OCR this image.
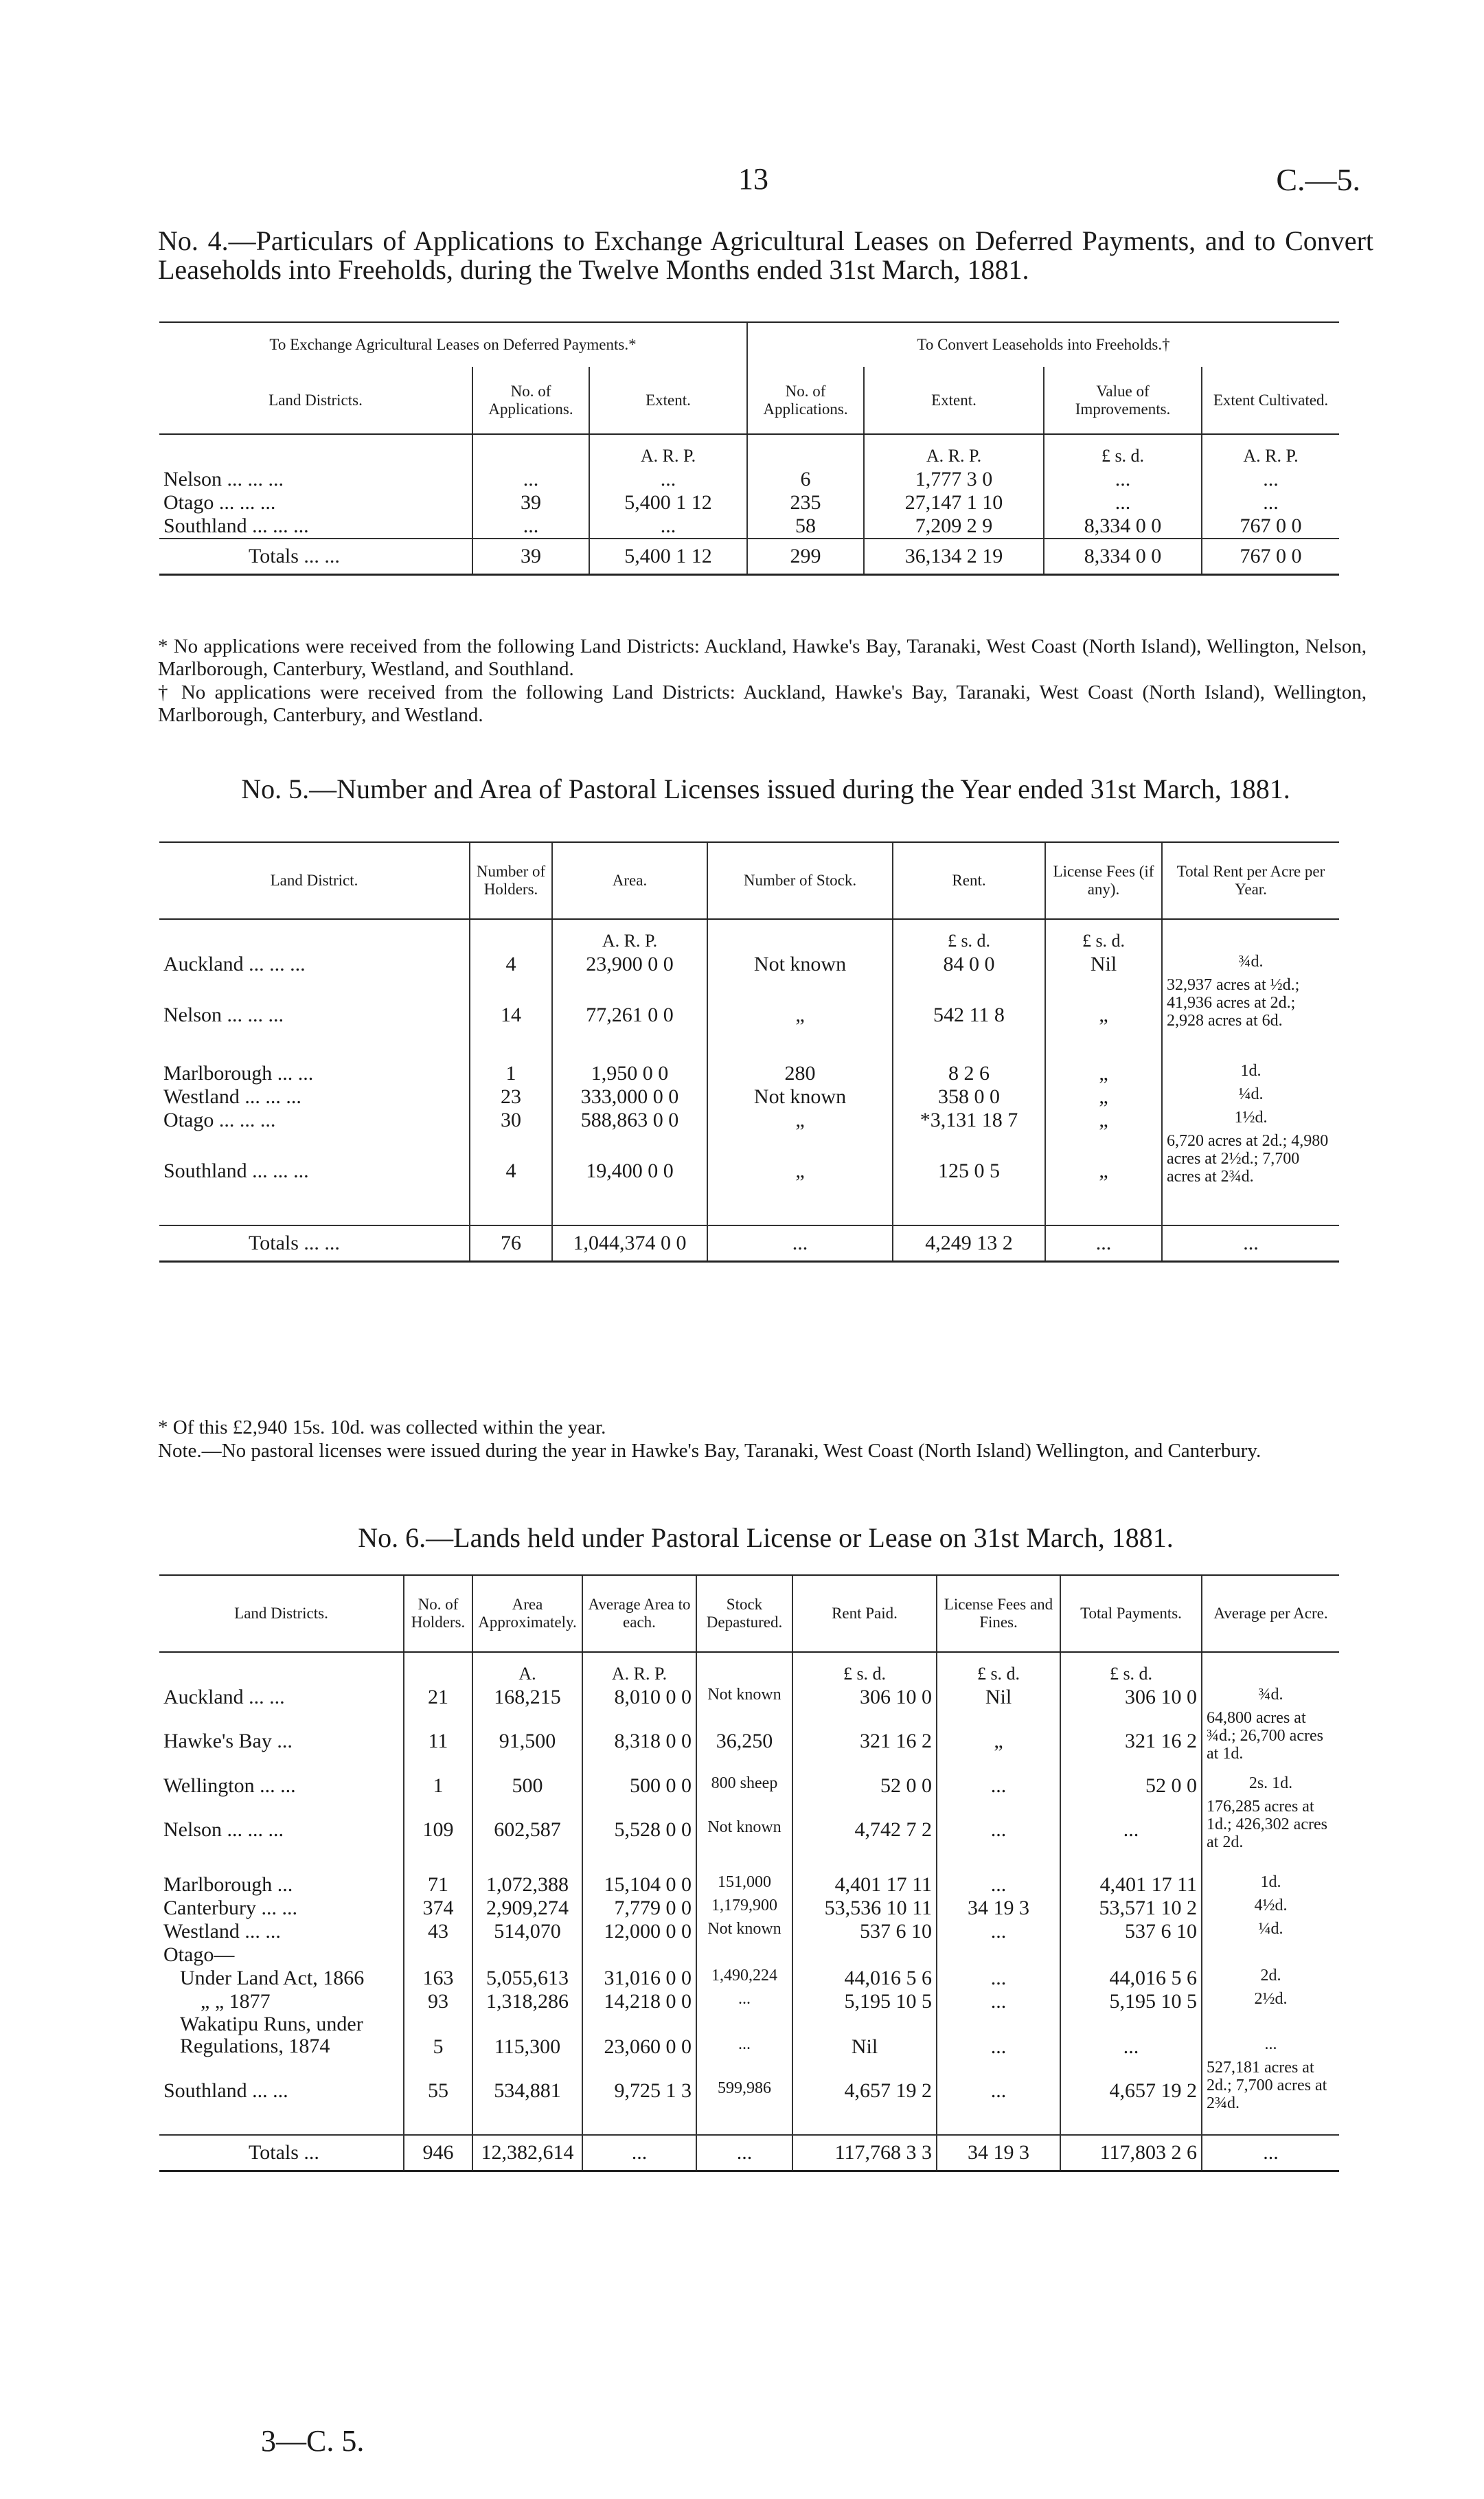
13	C.—5.
No. 4.—Particulars of Applications to Exchange Agricultural Leases on Deferred Payments, and to Convert Leaseholds into Freeholds, during the Twelve Months ended 31st March, 1881.
To Exchange Agricultural Leases on Deferred Payments.*			To Convert Leaseholds into Freeholds.†			
Land Districts.	No. of Applications.	Extent.	No. of Applications.	Extent.	Value of Improvements.	Extent Cultivated.
		A. R. P.		A. R. P.	£ s. d.	A. R. P.
Nelson ... ... ...	...	...	6	1,777 3 0	...	...
Otago ... ... ...	39	5,400 1 12	235	27,147 1 10	...	...
Southland ... ... ...	...	...	58	7,209 2 9	8,334 0 0	767 0 0
Totals ... ...	39	5,400 1 12	299	36,134 2 19	8,334 0 0	767 0 0
* No applications were received from the following Land Districts: Auckland, Hawke's Bay, Taranaki, West Coast (North Island), Wellington, Nelson, Marlborough, Canterbury, Westland, and Southland.
† No applications were received from the following Land Districts: Auckland, Hawke's Bay, Taranaki, West Coast (North Island), Wellington, Marlborough, Canterbury, and Westland.
No. 5.—Number and Area of Pastoral Licenses issued during the Year ended 31st March, 1881.
Land District.	Number of Holders.	Area.	Number of Stock.	Rent.	License Fees (if any).	Total Rent per Acre per Year.
		A. R. P.		£ s. d.	£ s. d.	
Auckland ... ... ...	4	23,900 0 0	Not known	84 0 0	Nil	¾d.
Nelson ... ... ...	14	77,261 0 0	„	542 11 8	„	32,937 acres at ½d.; 41,936 acres at 2d.; 2,928 acres at 6d.
Marlborough ... ...	1	1,950 0 0	280	8 2 6	„	1d.
Westland ... ... ...	23	333,000 0 0	Not known	358 0 0	„	¼d.
Otago ... ... ...	30	588,863 0 0	„	*3,131 18 7	„	1½d.
Southland ... ... ...	4	19,400 0 0	„	125 0 5	„	6,720 acres at 2d.; 4,980 acres at 2½d.; 7,700 acres at 2¾d.
Totals ... ...	76	1,044,374 0 0	...	4,249 13 2	...	...
* Of this £2,940 15s. 10d. was collected within the year.
Note.—No pastoral licenses were issued during the year in Hawke's Bay, Taranaki, West Coast (North Island) Wellington, and Canterbury.
No. 6.—Lands held under Pastoral License or Lease on 31st March, 1881.
Land Districts.	No. of Holders.	Area Approximately.	Average Area to each.	Stock Depastured.	Rent Paid.	License Fees and Fines.	Total Payments.	Average per Acre.
		A.	A. R. P.		£ s. d.	£ s. d.	£ s. d.	
Auckland ... ...	21	168,215	8,010 0 0	Not known	306 10 0	Nil	306 10 0	¾d.
Hawke's Bay ...	11	91,500	8,318 0 0	36,250	321 16 2	„	321 16 2	64,800 acres at ¾d.; 26,700 acres at 1d.
Wellington ... ...	1	500	500 0 0	800 sheep	52 0 0	...	52 0 0	2s. 1d.
Nelson ... ... ...	109	602,587	5,528 0 0	Not known	4,742 7 2	...	...	176,285 acres at 1d.; 426,302 acres at 2d.
Marlborough ...	71	1,072,388	15,104 0 0	151,000	4,401 17 11	...	4,401 17 11	1d.
Canterbury ... ...	374	2,909,274	7,779 0 0	1,179,900	53,536 10 11	34 19 3	53,571 10 2	4½d.
Westland ... ...	43	514,070	12,000 0 0	Not known	537 6 10	...	537 6 10	¼d.
Otago—								
Under Land Act, 1866	163	5,055,613	31,016 0 0	1,490,224	44,016 5 6	...	44,016 5 6	2d.
„ „ 1877	93	1,318,286	14,218 0 0	...	5,195 10 5	...	5,195 10 5	2½d.
Wakatipu Runs, under Regulations, 1874	5	115,300	23,060 0 0	...	Nil	...	...	...
Southland ... ...	55	534,881	9,725 1 3	599,986	4,657 19 2	...	4,657 19 2	527,181 acres at 2d.; 7,700 acres at 2¾d.
Totals ...	946	12,382,614	...	...	117,768 3 3	34 19 3	117,803 2 6	...
3—C. 5.
